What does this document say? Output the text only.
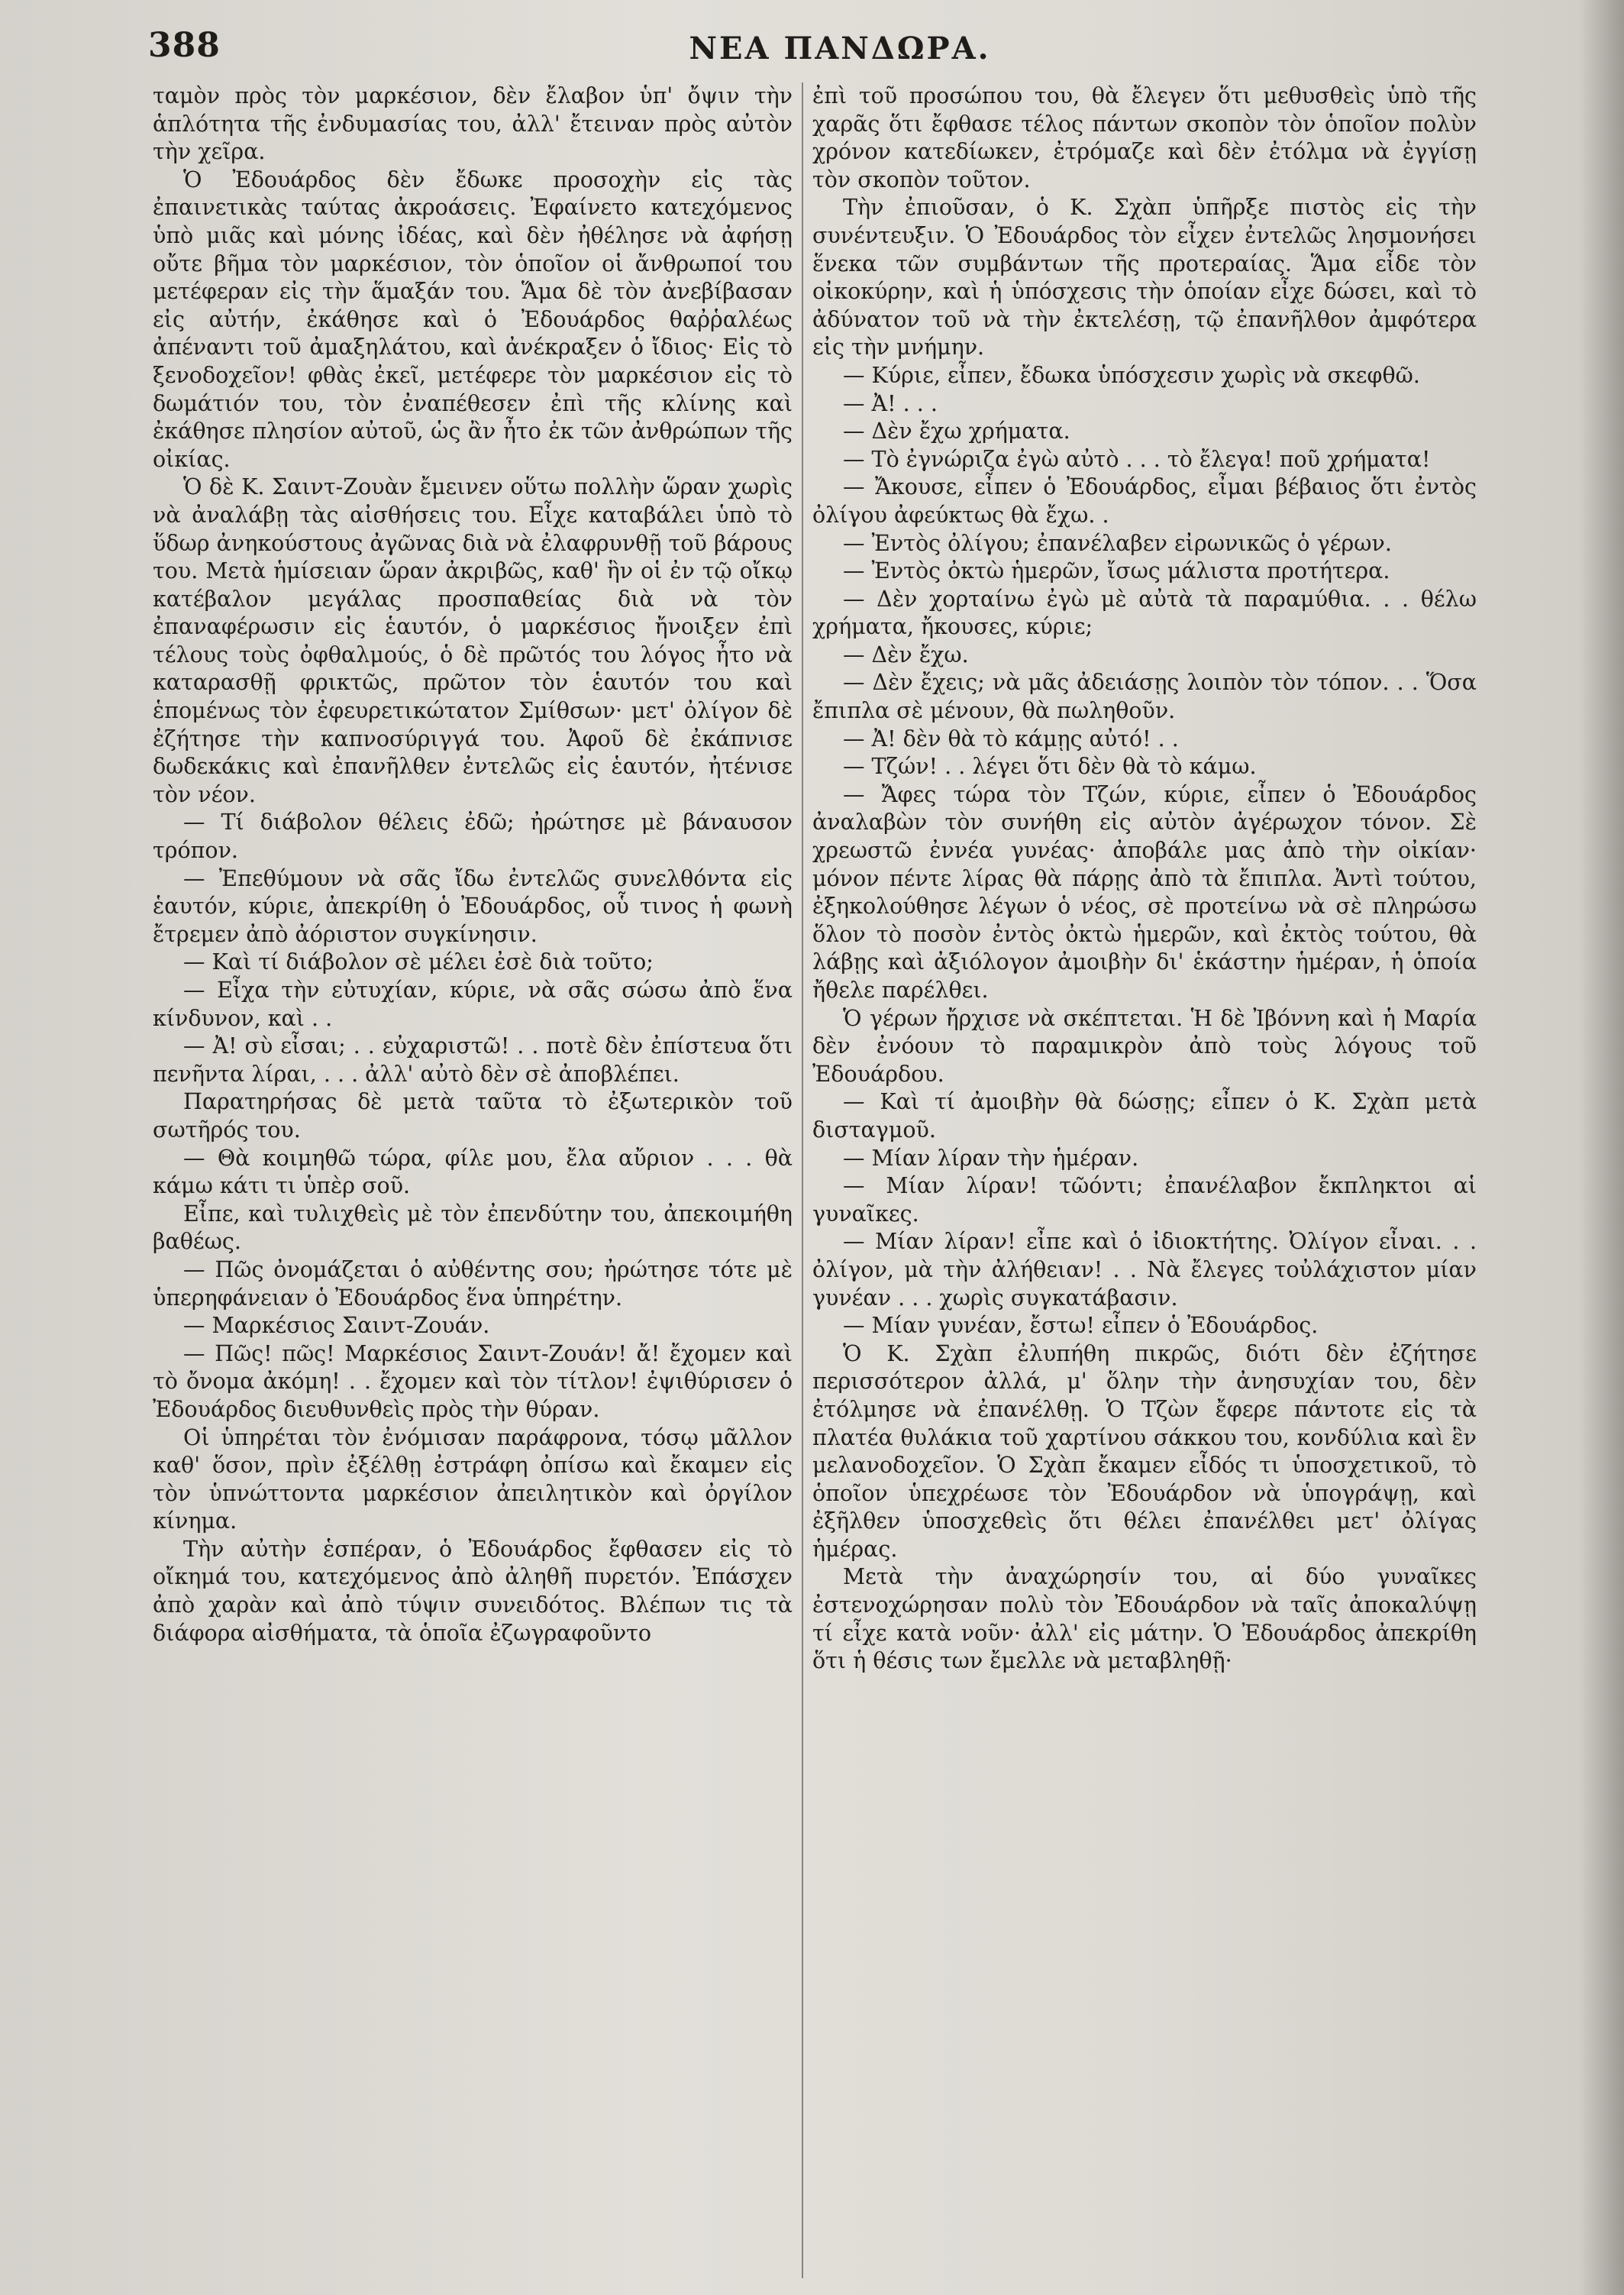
388	ΝΕΑ ΠΑΝΔΩΡΑ.

ταμὸν πρὸς τὸν μαρκέσιον, δὲν ἔλαβον ὑπ' ὄψιν τὴν ἁπλότητα τῆς ἐνδυμασίας του, ἀλλ' ἔτειναν πρὸς αὐτὸν τὴν χεῖρα.

Ὁ Ἐδουάρδος δὲν ἔδωκε προσοχὴν εἰς τὰς ἐπαινετικὰς ταύτας ἀκροάσεις. Ἐφαίνετο κατεχόμενος ὑπὸ μιᾶς καὶ μόνης ἰδέας, καὶ δὲν ἠθέλησε νὰ ἀφήσῃ οὔτε βῆμα τὸν μαρκέσιον, τὸν ὁποῖον οἱ ἄνθρωποί του μετέφεραν εἰς τὴν ἅμαξάν του. Ἅμα δὲ τὸν ἀνεβίβασαν εἰς αὐτήν, ἐκάθησε καὶ ὁ Ἐδουάρδος θαῤῥαλέως ἀπέναντι τοῦ ἀμαξηλάτου, καὶ ἀνέκραξεν ὁ ἴδιος· Εἰς τὸ ξενοδοχεῖον! φθὰς ἐκεῖ, μετέφερε τὸν μαρκέσιον εἰς τὸ δωμάτιόν του, τὸν ἐναπέθεσεν ἐπὶ τῆς κλίνης καὶ ἐκάθησε πλησίον αὐτοῦ, ὡς ἂν ἦτο ἐκ τῶν ἀνθρώπων τῆς οἰκίας.

Ὁ δὲ Κ. Σαιντ-Ζουὰν ἔμεινεν οὕτω πολλὴν ὥραν χωρὶς νὰ ἀναλάβῃ τὰς αἰσθήσεις του. Εἶχε καταβάλει ὑπὸ τὸ ὕδωρ ἀνηκούστους ἀγῶνας διὰ νὰ ἐλαφρυνθῇ τοῦ βάρους του. Μετὰ ἡμίσειαν ὥραν ἀκριβῶς, καθ' ἣν οἱ ἐν τῷ οἴκῳ κατέβαλον μεγάλας προσπαθείας διὰ νὰ τὸν ἐπαναφέρωσιν εἰς ἑαυτόν, ὁ μαρκέσιος ἤνοιξεν ἐπὶ τέλους τοὺς ὀφθαλμούς, ὁ δὲ πρῶτός του λόγος ἦτο νὰ καταρασθῇ φρικτῶς, πρῶτον τὸν ἑαυτόν του καὶ ἑπομένως τὸν ἐφευρετικώτατον Σμίθσων· μετ' ὀλίγον δὲ ἐζήτησε τὴν καπνοσύριγγά του. Ἀφοῦ δὲ ἐκάπνισε δωδεκάκις καὶ ἐπανῆλθεν ἐντελῶς εἰς ἑαυτόν, ἠτένισε τὸν νέον.

— Τί διάβολον θέλεις ἐδῶ; ἠρώτησε μὲ βάναυσον τρόπον.

— Ἐπεθύμουν νὰ σᾶς ἴδω ἐντελῶς συνελθόντα εἰς ἑαυτόν, κύριε, ἀπεκρίθη ὁ Ἐδουάρδος, οὗ τινος ἡ φωνὴ ἔτρεμεν ἀπὸ ἀόριστον συγκίνησιν.

— Καὶ τί διάβολον σὲ μέλει ἐσὲ διὰ τοῦτο;

— Εἶχα τὴν εὐτυχίαν, κύριε, νὰ σᾶς σώσω ἀπὸ ἕνα κίνδυνον, καὶ . .

— Ἀ! σὺ εἶσαι; . . εὐχαριστῶ! . . ποτὲ δὲν ἐπίστευα ὅτι πενῆντα λίραι, . . . ἀλλ' αὐτὸ δὲν σὲ ἀποβλέπει.

Παρατηρήσας δὲ μετὰ ταῦτα τὸ ἐξωτερικὸν τοῦ σωτῆρός του.

— Θὰ κοιμηθῶ τώρα, φίλε μου, ἔλα αὔριον . . . θὰ κάμω κάτι τι ὑπὲρ σοῦ.

Εἶπε, καὶ τυλιχθεὶς μὲ τὸν ἐπενδύτην του, ἀπεκοιμήθη βαθέως.

— Πῶς ὀνομάζεται ὁ αὐθέντης σου; ἠρώτησε τότε μὲ ὑπερηφάνειαν ὁ Ἐδουάρδος ἕνα ὑπηρέτην.

— Μαρκέσιος Σαιντ-Ζουάν.

— Πῶς! πῶς! Μαρκέσιος Σαιντ-Ζουάν! ἄ! ἔχομεν καὶ τὸ ὄνομα ἀκόμη! . . ἔχομεν καὶ τὸν τίτλον! ἐψιθύρισεν ὁ Ἐδουάρδος διευθυνθεὶς πρὸς τὴν θύραν.

Οἱ ὑπηρέται τὸν ἐνόμισαν παράφρονα, τόσῳ μᾶλλον καθ' ὅσον, πρὶν ἐξέλθῃ ἐστράφη ὀπίσω καὶ ἔκαμεν εἰς τὸν ὑπνώττοντα μαρκέσιον ἀπειλητικὸν καὶ ὀργίλον κίνημα.

Τὴν αὐτὴν ἑσπέραν, ὁ Ἐδουάρδος ἔφθασεν εἰς τὸ οἴκημά του, κατεχόμενος ἀπὸ ἀληθῆ πυρετόν. Ἐπάσχεν ἀπὸ χαρὰν καὶ ἀπὸ τύψιν συνειδότος. Βλέπων τις τὰ διάφορα αἰσθήματα, τὰ ὁποῖα ἐζωγραφοῦντο

ἐπὶ τοῦ προσώπου του, θὰ ἔλεγεν ὅτι μεθυσθεὶς ὑπὸ τῆς χαρᾶς ὅτι ἔφθασε τέλος πάντων σκοπὸν τὸν ὁποῖον πολὺν χρόνον κατεδίωκεν, ἐτρόμαζε καὶ δὲν ἐτόλμα νὰ ἐγγίσῃ τὸν σκοπὸν τοῦτον.

Τὴν ἐπιοῦσαν, ὁ Κ. Σχὰπ ὑπῆρξε πιστὸς εἰς τὴν συνέντευξιν. Ὁ Ἐδουάρδος τὸν εἶχεν ἐντελῶς λησμονήσει ἕνεκα τῶν συμβάντων τῆς προτεραίας. Ἅμα εἶδε τὸν οἰκοκύρην, καὶ ἡ ὑπόσχεσις τὴν ὁποίαν εἶχε δώσει, καὶ τὸ ἀδύνατον τοῦ νὰ τὴν ἐκτελέσῃ, τῷ ἐπανῆλθον ἀμφότερα εἰς τὴν μνήμην.

— Κύριε, εἶπεν, ἔδωκα ὑπόσχεσιν χωρὶς νὰ σκεφθῶ.

— Ἀ! . . .

— Δὲν ἔχω χρήματα.

— Τὸ ἐγνώριζα ἐγὼ αὐτὸ . . . τὸ ἔλεγα! ποῦ χρήματα!

— Ἄκουσε, εἶπεν ὁ Ἐδουάρδος, εἶμαι βέβαιος ὅτι ἐντὸς ὀλίγου ἀφεύκτως θὰ ἔχω. .

— Ἐντὸς ὀλίγου; ἐπανέλαβεν εἰρωνικῶς ὁ γέρων.

— Ἐντὸς ὀκτὼ ἡμερῶν, ἴσως μάλιστα προτήτερα.

— Δὲν χορταίνω ἐγὼ μὲ αὐτὰ τὰ παραμύθια. . . θέλω χρήματα, ἤκουσες, κύριε;

— Δὲν ἔχω.

— Δὲν ἔχεις; νὰ μᾶς ἀδειάσῃς λοιπὸν τὸν τόπον. . . Ὅσα ἔπιπλα σὲ μένουν, θὰ πωληθοῦν.

— Ἀ! δὲν θὰ τὸ κάμῃς αὐτό! . .

— Τζών! . . λέγει ὅτι δὲν θὰ τὸ κάμω.

— Ἄφες τώρα τὸν Τζών, κύριε, εἶπεν ὁ Ἐδουάρδος ἀναλαβὼν τὸν συνήθη εἰς αὐτὸν ἀγέρωχον τόνον. Σὲ χρεωστῶ ἐννέα γυνέας· ἀποβάλε μας ἀπὸ τὴν οἰκίαν· μόνον πέντε λίρας θὰ πάρῃς ἀπὸ τὰ ἔπιπλα. Ἀντὶ τούτου, ἐξηκολούθησε λέγων ὁ νέος, σὲ προτείνω νὰ σὲ πληρώσω ὅλον τὸ ποσὸν ἐντὸς ὀκτὼ ἡμερῶν, καὶ ἐκτὸς τούτου, θὰ λάβῃς καὶ ἀξιόλογον ἀμοιβὴν δι' ἑκάστην ἡμέραν, ἡ ὁποία ἤθελε παρέλθει.

Ὁ γέρων ἤρχισε νὰ σκέπτεται. Ἡ δὲ Ἰβόννη καὶ ἡ Μαρία δὲν ἐνόουν τὸ παραμικρὸν ἀπὸ τοὺς λόγους τοῦ Ἐδουάρδου.

— Καὶ τί ἀμοιβὴν θὰ δώσῃς; εἶπεν ὁ Κ. Σχὰπ μετὰ δισταγμοῦ.

— Μίαν λίραν τὴν ἡμέραν.

— Μίαν λίραν! τῶόντι; ἐπανέλαβον ἔκπληκτοι αἱ γυναῖκες.

— Μίαν λίραν! εἶπε καὶ ὁ ἰδιοκτήτης. Ὀλίγον εἶναι. . . ὀλίγον, μὰ τὴν ἀλήθειαν! . . Νὰ ἔλεγες τοὐλάχιστον μίαν γυνέαν . . . χωρὶς συγκατάβασιν.

— Μίαν γυνέαν, ἔστω! εἶπεν ὁ Ἐδουάρδος.

Ὁ Κ. Σχὰπ ἐλυπήθη πικρῶς, διότι δὲν ἐζήτησε περισσότερον ἀλλά, μ' ὅλην τὴν ἀνησυχίαν του, δὲν ἐτόλμησε νὰ ἐπανέλθῃ. Ὁ Τζὼν ἔφερε πάντοτε εἰς τὰ πλατέα θυλάκια τοῦ χαρτίνου σάκκου του, κονδύλια καὶ ἓν μελανοδοχεῖον. Ὁ Σχὰπ ἔκαμεν εἶδός τι ὑποσχετικοῦ, τὸ ὁποῖον ὑπεχρέωσε τὸν Ἐδουάρδον νὰ ὑπογράψῃ, καὶ ἐξῆλθεν ὑποσχεθεὶς ὅτι θέλει ἐπανέλθει μετ' ὀλίγας ἡμέρας.

Μετὰ τὴν ἀναχώρησίν του, αἱ δύο γυναῖκες ἐστενοχώρησαν πολὺ τὸν Ἐδουάρδον νὰ ταῖς ἀποκαλύψῃ τί εἶχε κατὰ νοῦν· ἀλλ' εἰς μάτην. Ὁ Ἐδουάρδος ἀπεκρίθη ὅτι ἡ θέσις των ἔμελλε νὰ μεταβληθῇ·
